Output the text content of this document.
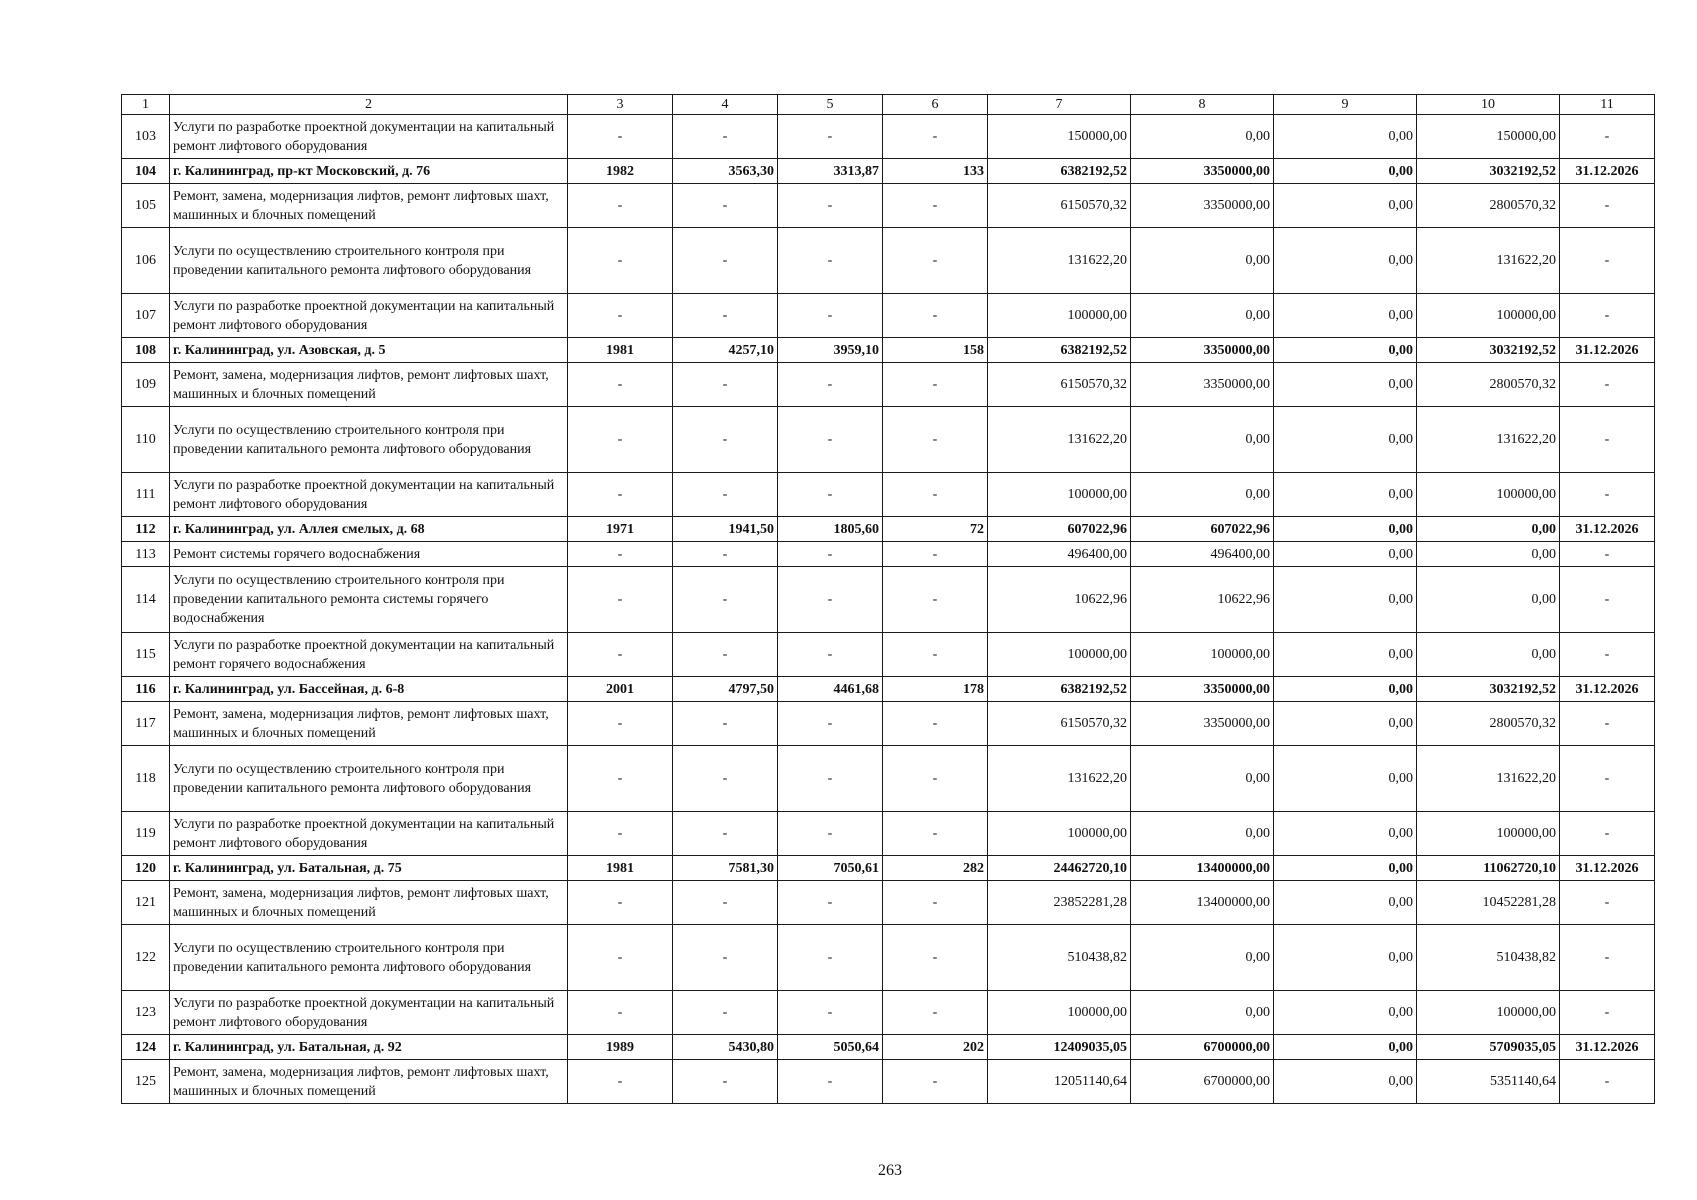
1	2	3	4	5	6	7	8	9	10	11
103	Услуги по разработке проектной документации на капитальный ремонт лифтового оборудования	-	-	-	-	150000,00	0,00	0,00	150000,00	-
104	г. Калининград, пр-кт Московский, д. 76	1982	3563,30	3313,87	133	6382192,52	3350000,00	0,00	3032192,52	31.12.2026
105	Ремонт, замена, модернизация лифтов, ремонт лифтовых шахт, машинных и блочных помещений	-	-	-	-	6150570,32	3350000,00	0,00	2800570,32	-
106	Услуги по осуществлению строительного контроля при проведении капитального ремонта лифтового оборудования	-	-	-	-	131622,20	0,00	0,00	131622,20	-
107	Услуги по разработке проектной документации на капитальный ремонт лифтового оборудования	-	-	-	-	100000,00	0,00	0,00	100000,00	-
108	г. Калининград, ул. Азовская, д. 5	1981	4257,10	3959,10	158	6382192,52	3350000,00	0,00	3032192,52	31.12.2026
109	Ремонт, замена, модернизация лифтов, ремонт лифтовых шахт, машинных и блочных помещений	-	-	-	-	6150570,32	3350000,00	0,00	2800570,32	-
110	Услуги по осуществлению строительного контроля при проведении капитального ремонта лифтового оборудования	-	-	-	-	131622,20	0,00	0,00	131622,20	-
111	Услуги по разработке проектной документации на капитальный ремонт лифтового оборудования	-	-	-	-	100000,00	0,00	0,00	100000,00	-
112	г. Калининград, ул. Аллея смелых, д. 68	1971	1941,50	1805,60	72	607022,96	607022,96	0,00	0,00	31.12.2026
113	Ремонт системы горячего водоснабжения	-	-	-	-	496400,00	496400,00	0,00	0,00	-
114	Услуги по осуществлению строительного контроля при проведении капитального ремонта системы горячего водоснабжения	-	-	-	-	10622,96	10622,96	0,00	0,00	-
115	Услуги по разработке проектной документации на капитальный ремонт горячего водоснабжения	-	-	-	-	100000,00	100000,00	0,00	0,00	-
116	г. Калининград, ул. Бассейная, д. 6-8	2001	4797,50	4461,68	178	6382192,52	3350000,00	0,00	3032192,52	31.12.2026
117	Ремонт, замена, модернизация лифтов, ремонт лифтовых шахт, машинных и блочных помещений	-	-	-	-	6150570,32	3350000,00	0,00	2800570,32	-
118	Услуги по осуществлению строительного контроля при проведении капитального ремонта лифтового оборудования	-	-	-	-	131622,20	0,00	0,00	131622,20	-
119	Услуги по разработке проектной документации на капитальный ремонт лифтового оборудования	-	-	-	-	100000,00	0,00	0,00	100000,00	-
120	г. Калининград, ул. Батальная, д. 75	1981	7581,30	7050,61	282	24462720,10	13400000,00	0,00	11062720,10	31.12.2026
121	Ремонт, замена, модернизация лифтов, ремонт лифтовых шахт, машинных и блочных помещений	-	-	-	-	23852281,28	13400000,00	0,00	10452281,28	-
122	Услуги по осуществлению строительного контроля при проведении капитального ремонта лифтового оборудования	-	-	-	-	510438,82	0,00	0,00	510438,82	-
123	Услуги по разработке проектной документации на капитальный ремонт лифтового оборудования	-	-	-	-	100000,00	0,00	0,00	100000,00	-
124	г. Калининград, ул. Батальная, д. 92	1989	5430,80	5050,64	202	12409035,05	6700000,00	0,00	5709035,05	31.12.2026
125	Ремонт, замена, модернизация лифтов, ремонт лифтовых шахт, машинных и блочных помещений	-	-	-	-	12051140,64	6700000,00	0,00	5351140,64	-
263
